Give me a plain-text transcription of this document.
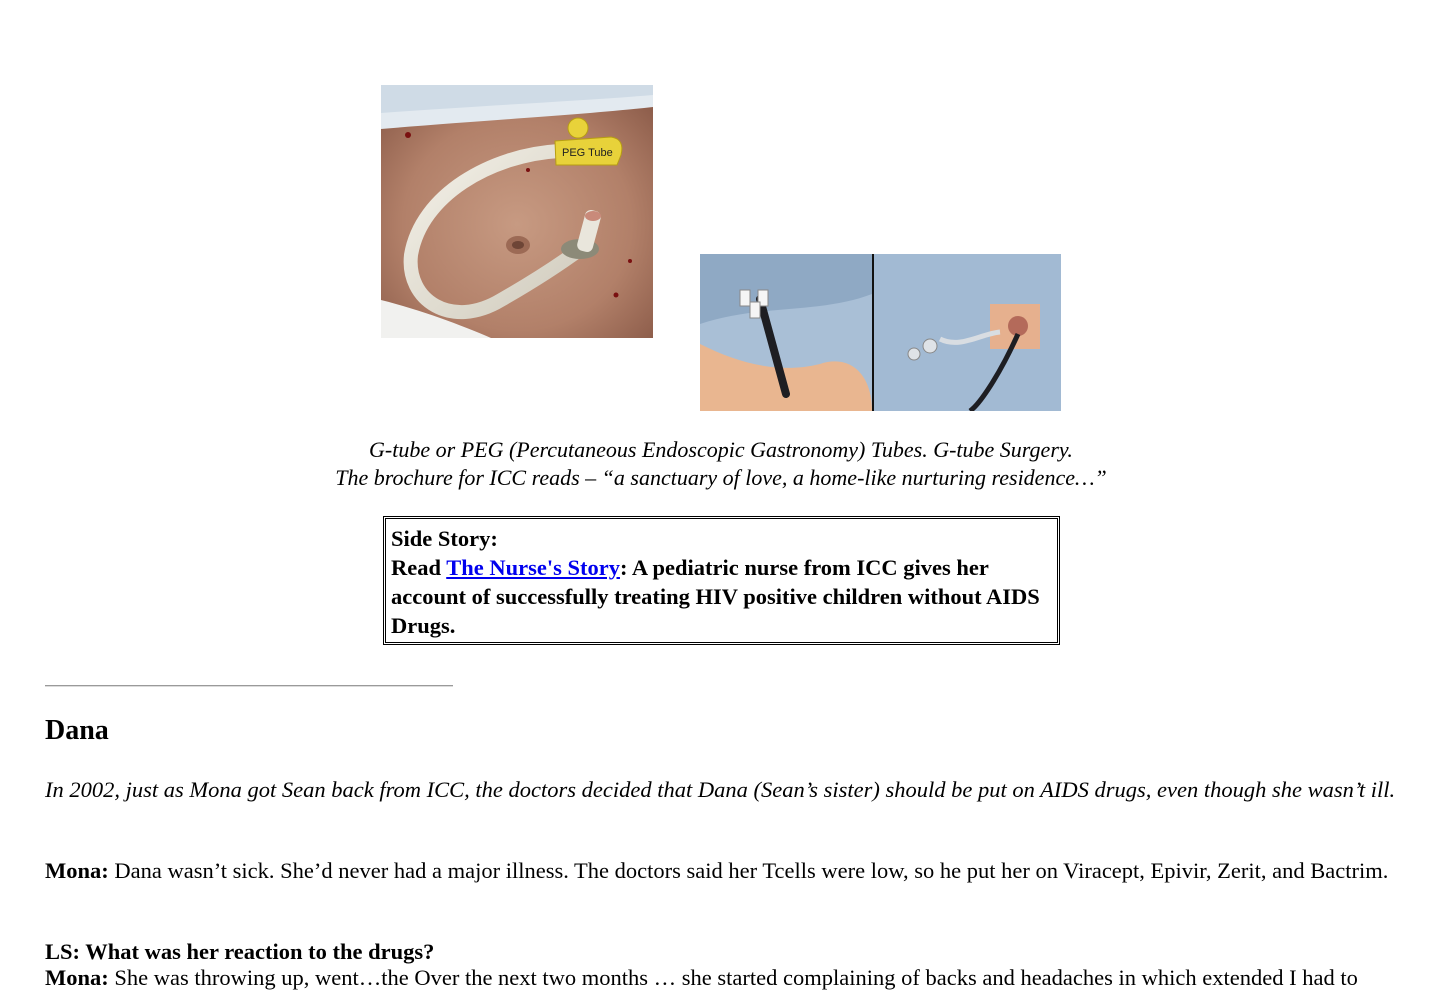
PEG Tube
G-tube or PEG (Percutaneous Endoscopic Gastronomy) Tubes. G-tube Surgery.
The brochure for ICC reads – “a sanctuary of love, a home-like nurturing residence…”
Side Story:
Read The Nurse's Story: A pediatric nurse from ICC gives her account of successfully treating HIV positive children without AIDS Drugs.
Dana
In 2002, just as Mona got Sean back from ICC, the doctors decided that Dana (Sean’s sister) should be put on AIDS drugs, even though she wasn’t ill.
Mona: Dana wasn’t sick. She’d never had a major illness. The doctors said her Tcells were low, so he put her on Viracept, Epivir, Zerit, and Bactrim.
LS: What was her reaction to the drugs?
Mona: She was throwing up, went…the Over the next two months … she started complaining of backs and headaches in which extended I had to
